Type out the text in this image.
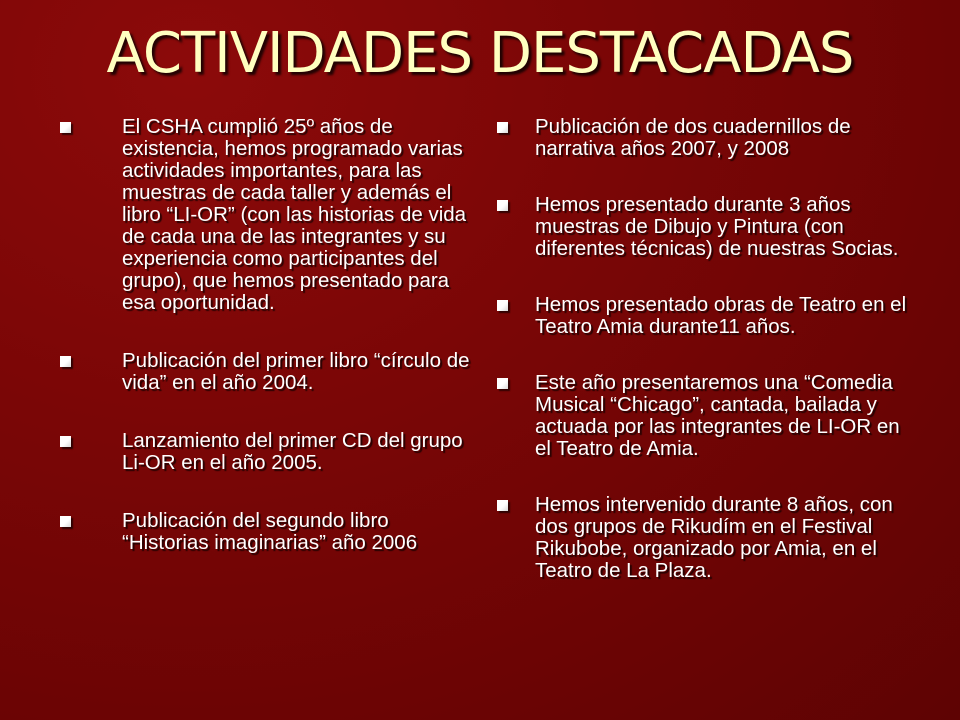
ACTIVIDADES DESTACADAS
El CSHA cumplió 25º años de existencia, hemos programado varias actividades importantes, para las muestras de cada taller y además el libro “LI-OR” (con las historias de vida de cada una de las integrantes y su experiencia como participantes del grupo), que hemos presentado para esa oportunidad.
Publicación del primer libro “círculo de vida” en el año 2004.
Lanzamiento del primer CD del grupo Li-OR en el año 2005.
Publicación del segundo libro “Historias imaginarias” año 2006
Publicación de dos cuadernillos de narrativa años 2007, y 2008
Hemos presentado durante 3 años muestras de Dibujo y Pintura (con diferentes técnicas) de nuestras Socias.
Hemos presentado obras de Teatro en el Teatro Amia durante11 años.
Este año presentaremos una “Comedia Musical “Chicago”, cantada, bailada y actuada por las integrantes de LI-OR en el Teatro de Amia.
Hemos intervenido durante 8 años, con dos grupos de Rikudím en el Festival Rikubobe, organizado por Amia, en el Teatro de La Plaza.
